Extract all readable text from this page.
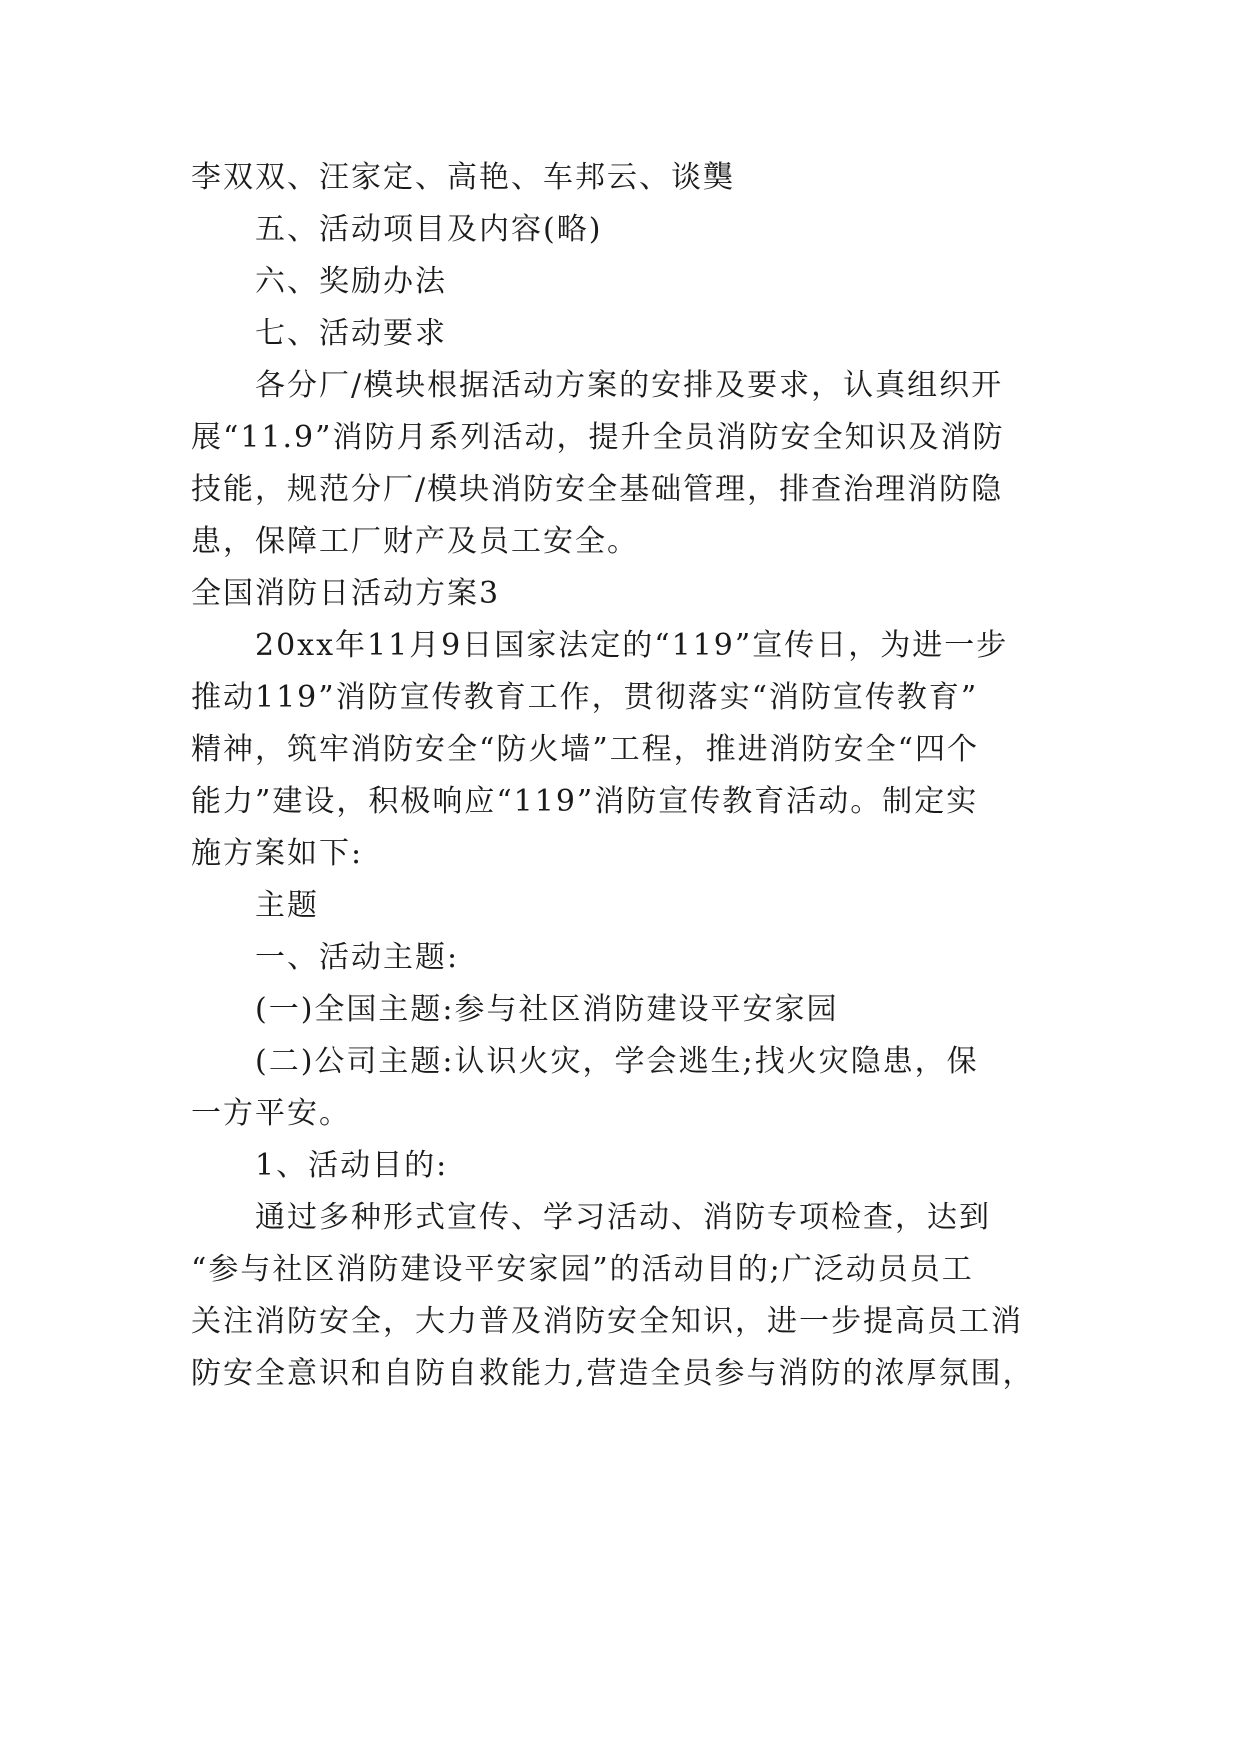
李双双、汪家定、高艳、车邦云、谈龑
五、活动项目及内容(略)
六、奖励办法
七、活动要求
各分厂/模块根据活动方案的安排及要求，认真组织开
展“11.9”消防月系列活动，提升全员消防安全知识及消防
技能，规范分厂/模块消防安全基础管理，排查治理消防隐
患，保障工厂财产及员工安全。
全国消防日活动方案3
20xx年11月9日国家法定的“119”宣传日，为进一步
推动119”消防宣传教育工作，贯彻落实“消防宣传教育”
精神，筑牢消防安全“防火墙”工程，推进消防安全“四个
能力”建设，积极响应“119”消防宣传教育活动。制定实
施方案如下:
主题
一、活动主题:
(一)全国主题:参与社区消防建设平安家园
(二)公司主题:认识火灾，学会逃生;找火灾隐患，保
一方平安。
1、活动目的:
通过多种形式宣传、学习活动、消防专项检查，达到
“参与社区消防建设平安家园”的活动目的;广泛动员员工
关注消防安全，大力普及消防安全知识，进一步提高员工消
防安全意识和自防自救能力,营造全员参与消防的浓厚氛围，
